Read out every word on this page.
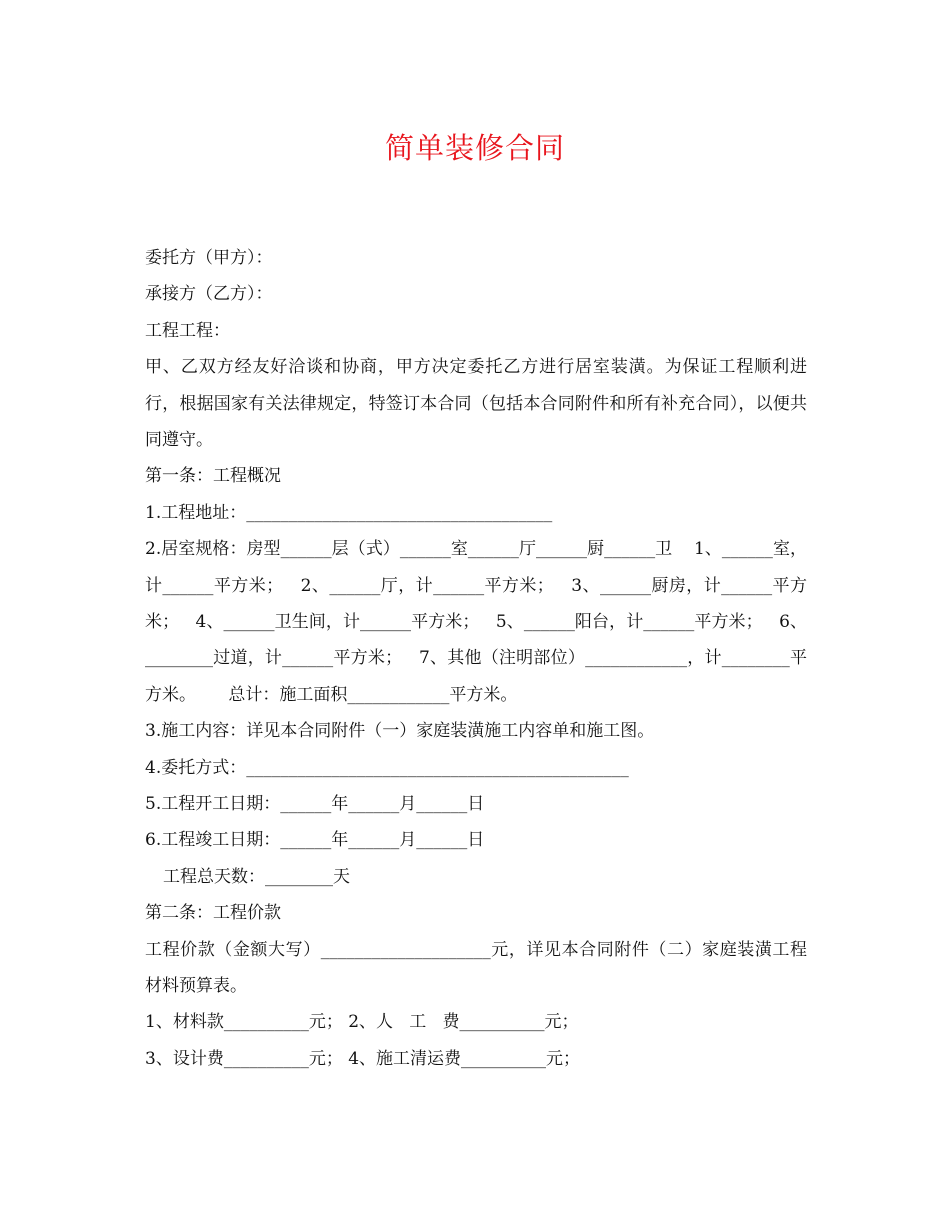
简单装修合同
委托方（甲方）：
承接方（乙方）：
工程工程：
甲、乙双方经友好洽谈和协商，甲方决定委托乙方进行居室装潢。为保证工程顺利进行，根据国家有关法律规定，特签订本合同（包括本合同附件和所有补充合同），以便共同遵守。
第一条：工程概况
1.工程地址：____________________________________
2.居室规格：房型______层（式）______室______厅______厨______卫    1、______室，计______平方米；   2、______厅，计______平方米；   3、______厨房，计______平方米；   4、______卫生间，计______平方米；   5、______阳台，计______平方米；   6、________过道，计______平方米；   7、其他（注明部位）____________，计________平方米。      总计：施工面积____________平方米。
3.施工内容：详见本合同附件（一）家庭装潢施工内容单和施工图。
4.委托方式：_____________________________________________
5.工程开工日期：______年______月______日
6.工程竣工日期：______年______月______日
工程总天数：________天
第二条：工程价款
工程价款（金额大写）____________________元，详见本合同附件（二）家庭装潢工程材料预算表。
1、材料款__________元； 2、人   工   费__________元；
3、设计费__________元； 4、施工清运费__________元；
